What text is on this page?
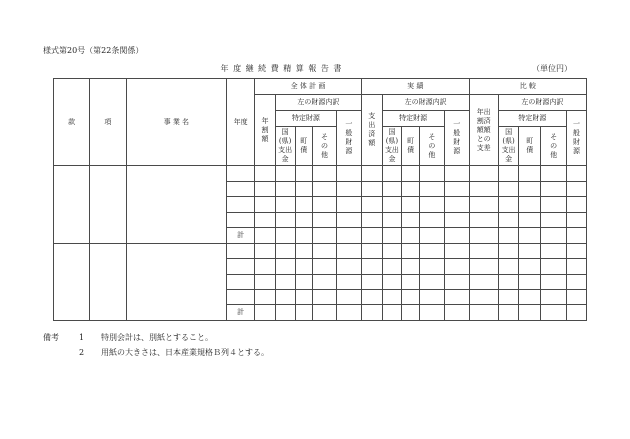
様式第20号（第22条関係）
年 度 継 続 費 精 算 報 告 書	（単位円）
款	項	事 業 名	年度	全 体 計 画					実 績					比 較				
				年割額	左の財源内訳				支出済額	左の財源内訳				年出割済額額との支差	左の財源内訳			
					特定財源			一般財源		特定財源			一般財源		特定財源			一般財源
					国(県)支出金	町債	その他			国(県)支出金	町債	その他			国(県)支出金	町債	その他	

			計															

			計															
備考	1	特別会計は、別紙とすること。
2	用紙の大きさは、日本産業規格Ｂ列４とする。
